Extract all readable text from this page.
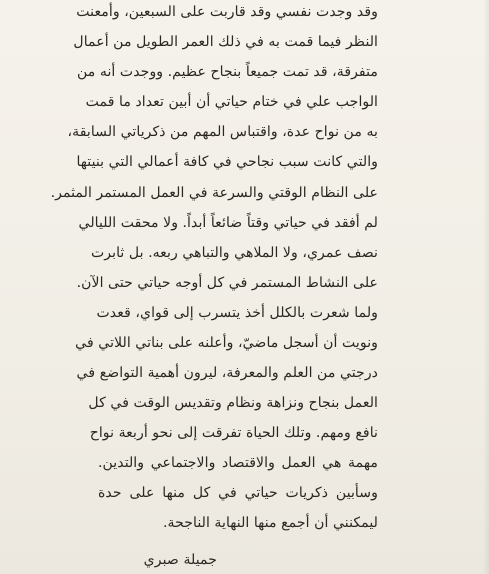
وقد وجدت نفسي وقد قاربت على السبعين، وأمعنت
النظر فيما قمت به في ذلك العمر الطويل من أعمال
متفرقة، قد تمت جميعاً بنجاح عظيم. ووجدت أنه من
الواجب علي في ختام حياتي أن أبين تعداد ما قمت
به من نواح عدة، واقتباس المهم من ذكرياتي السابقة،
والتي كانت سبب نجاحي في كافة أعمالي التي بنيتها
على النظام الوقتي والسرعة في العمل المستمر المثمر.
لم أفقد في حياتي وقتاً ضائعاً أبداً. ولا محقت الليالي
نصف عمري، ولا الملاهي والتباهي ربعه. بل ثابرت
على النشاط المستمر في كل أوجه حياتي حتى الآن.
ولما شعرت بالكلل أخذ يتسرب إلى قواي، قعدت
ونويت أن أسجل ماضيّ، وأعلنه على بناتي اللاتي في
درجتي من العلم والمعرفة، ليرون أهمية التواضع في
العمل بنجاح ونزاهة ونظام وتقديس الوقت في كل
نافع ومهم. وتلك الحياة تفرقت إلى نحو أربعة نواح
مهمة هي العمل والاقتصاد والاجتماعي والتدين.
وسأبين ذكريات حياتي في كل منها على حدة
ليمكنني أن أجمع منها النهاية الناجحة.
جميلة صبري
